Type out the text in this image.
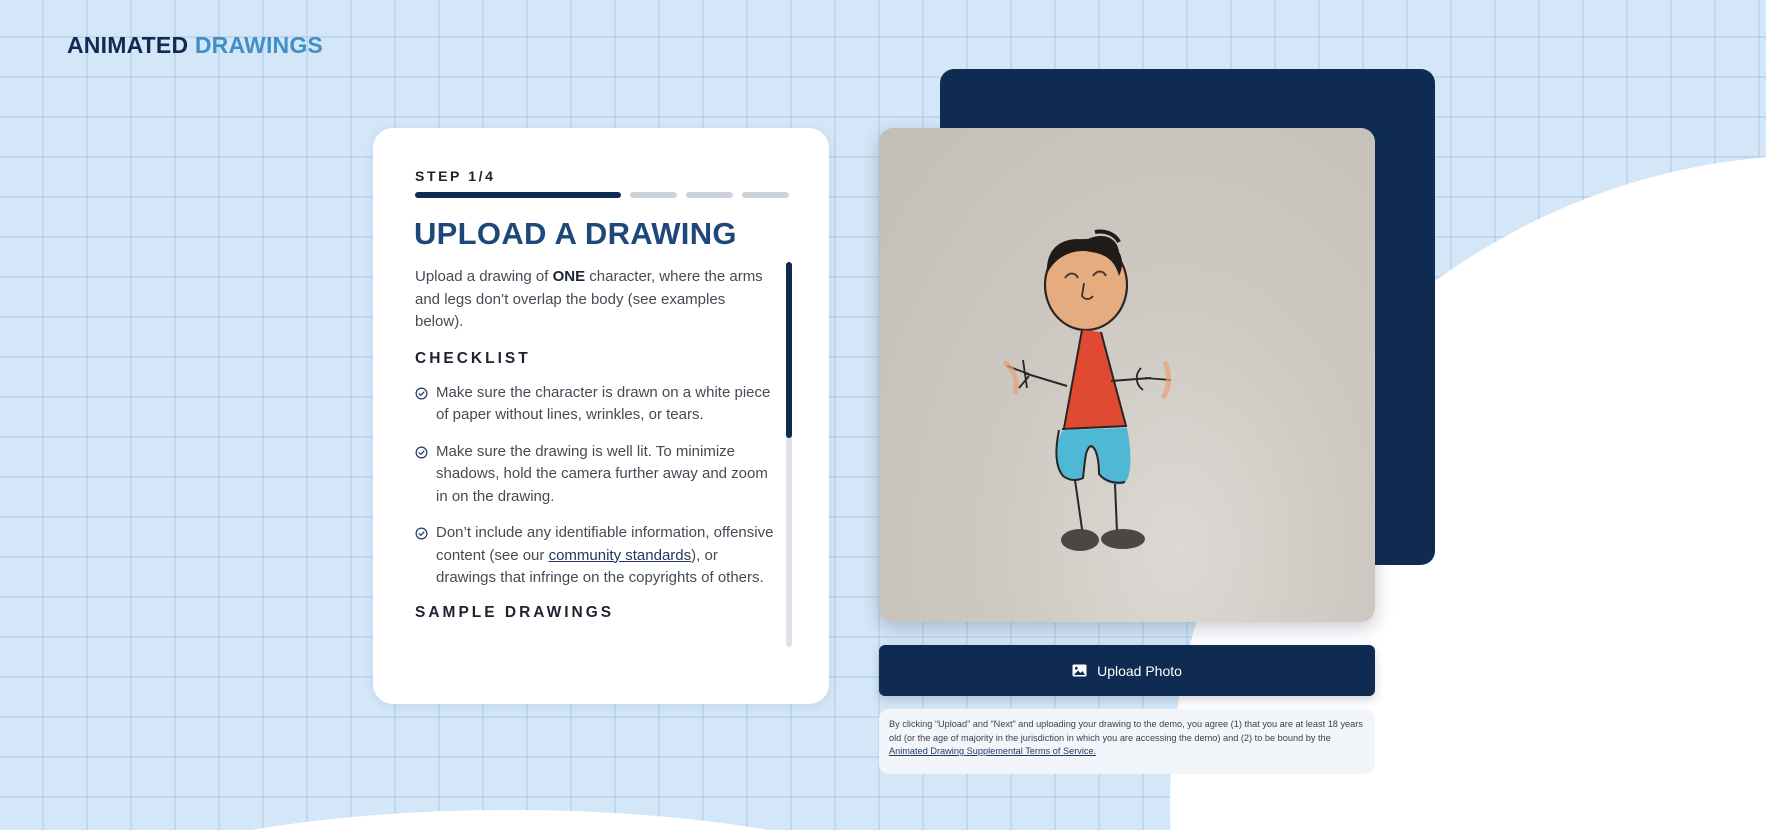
ANIMATED DRAWINGS
STEP 1/4
UPLOAD A DRAWING

Upload a drawing of ONE character, where the arms and legs don’t overlap the body (see examples below).

CHECKLIST
Make sure the character is drawn on a white piece of paper without lines, wrinkles, or tears.
Make sure the drawing is well lit. To minimize shadows, hold the camera further away and zoom in on the drawing.
Don’t include any identifiable information, offensive content (see our community standards), or drawings that infringe on the copyrights of others.
SAMPLE DRAWINGS
Upload Photo
By clicking “Upload” and “Next” and uploading your drawing to the demo, you agree (1) that you are at least 18 years old (or the age of majority in the jurisdiction in which you are accessing the demo) and (2) to be bound by the Animated Drawing Supplemental Terms of Service.
